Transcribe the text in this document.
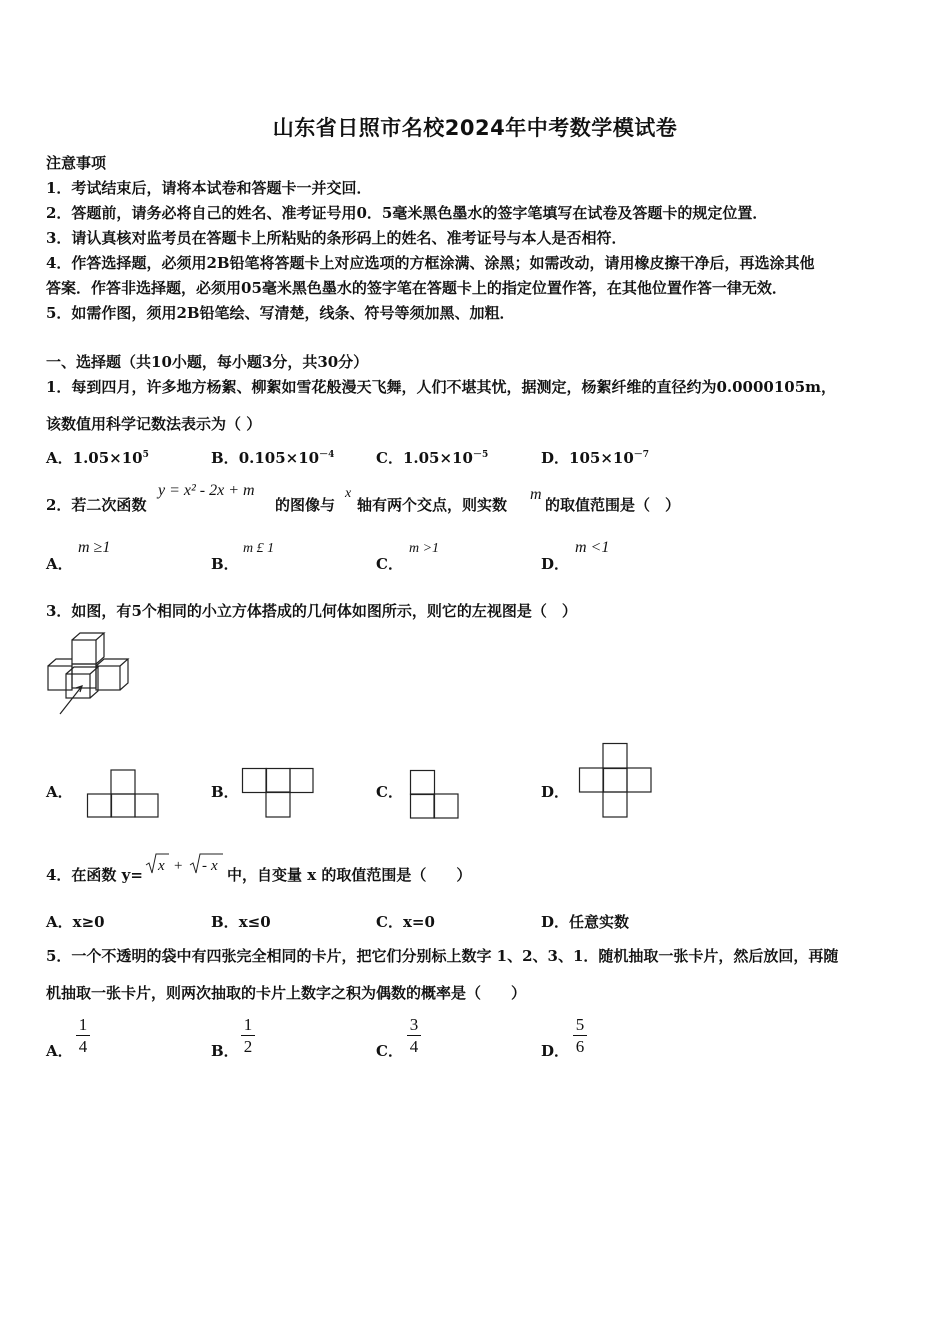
山东省日照市名校2024年中考数学模试卷
注意事项
1．考试结束后，请将本试卷和答题卡一并交回．
2．答题前，请务必将自己的姓名、准考证号用0．5毫米黑色墨水的签字笔填写在试卷及答题卡的规定位置．
3．请认真核对监考员在答题卡上所粘贴的条形码上的姓名、准考证号与本人是否相符．
4．作答选择题，必须用2B铅笔将答题卡上对应选项的方框涂满、涂黑；如需改动，请用橡皮擦干净后，再选涂其他
答案．作答非选择题，必须用05毫米黑色墨水的签字笔在答题卡上的指定位置作答，在其他位置作答一律无效．
5．如需作图，须用2B铅笔绘、写清楚，线条、符号等须加黑、加粗．
一、选择题（共10小题，每小题3分，共30分）
1．每到四月，许多地方杨絮、柳絮如雪花般漫天飞舞，人们不堪其忧，据测定，杨絮纤维的直径约为0.0000105m，
该数值用科学记数法表示为（ ）
A．$1.05\times 10^5$	B．$0.105\times 10^{-4}$	C．$1.05\times 10^{-5}$	D．$105\times 10^{-7}$
2．若二次函数
y = x² - 2x + m
的图像与
x
轴有两个交点，则实数
m
的取值范围是（　）
A．
m ≥1
B．
m £ 1
C．
m >1
D．
m <1
3．如图，有5个相同的小立方体搭成的几何体如图所示，则它的左视图是（　）
A．	B．	C．	D．
4．在函数 y= x + - x 中，自变量 x 的取值范围是（　　）
A．x≥0	B．x≤0	C．x=0	D．任意实数
5．一个不透明的袋中有四张完全相同的卡片，把它们分别标上数字 1、2、3、1．随机抽取一张卡片，然后放回，再随
机抽取一张卡片，则两次抽取的卡片上数字之积为偶数的概率是（　　）
A．
1
4	B．
1
2	C．
3
4	D．
5
6
